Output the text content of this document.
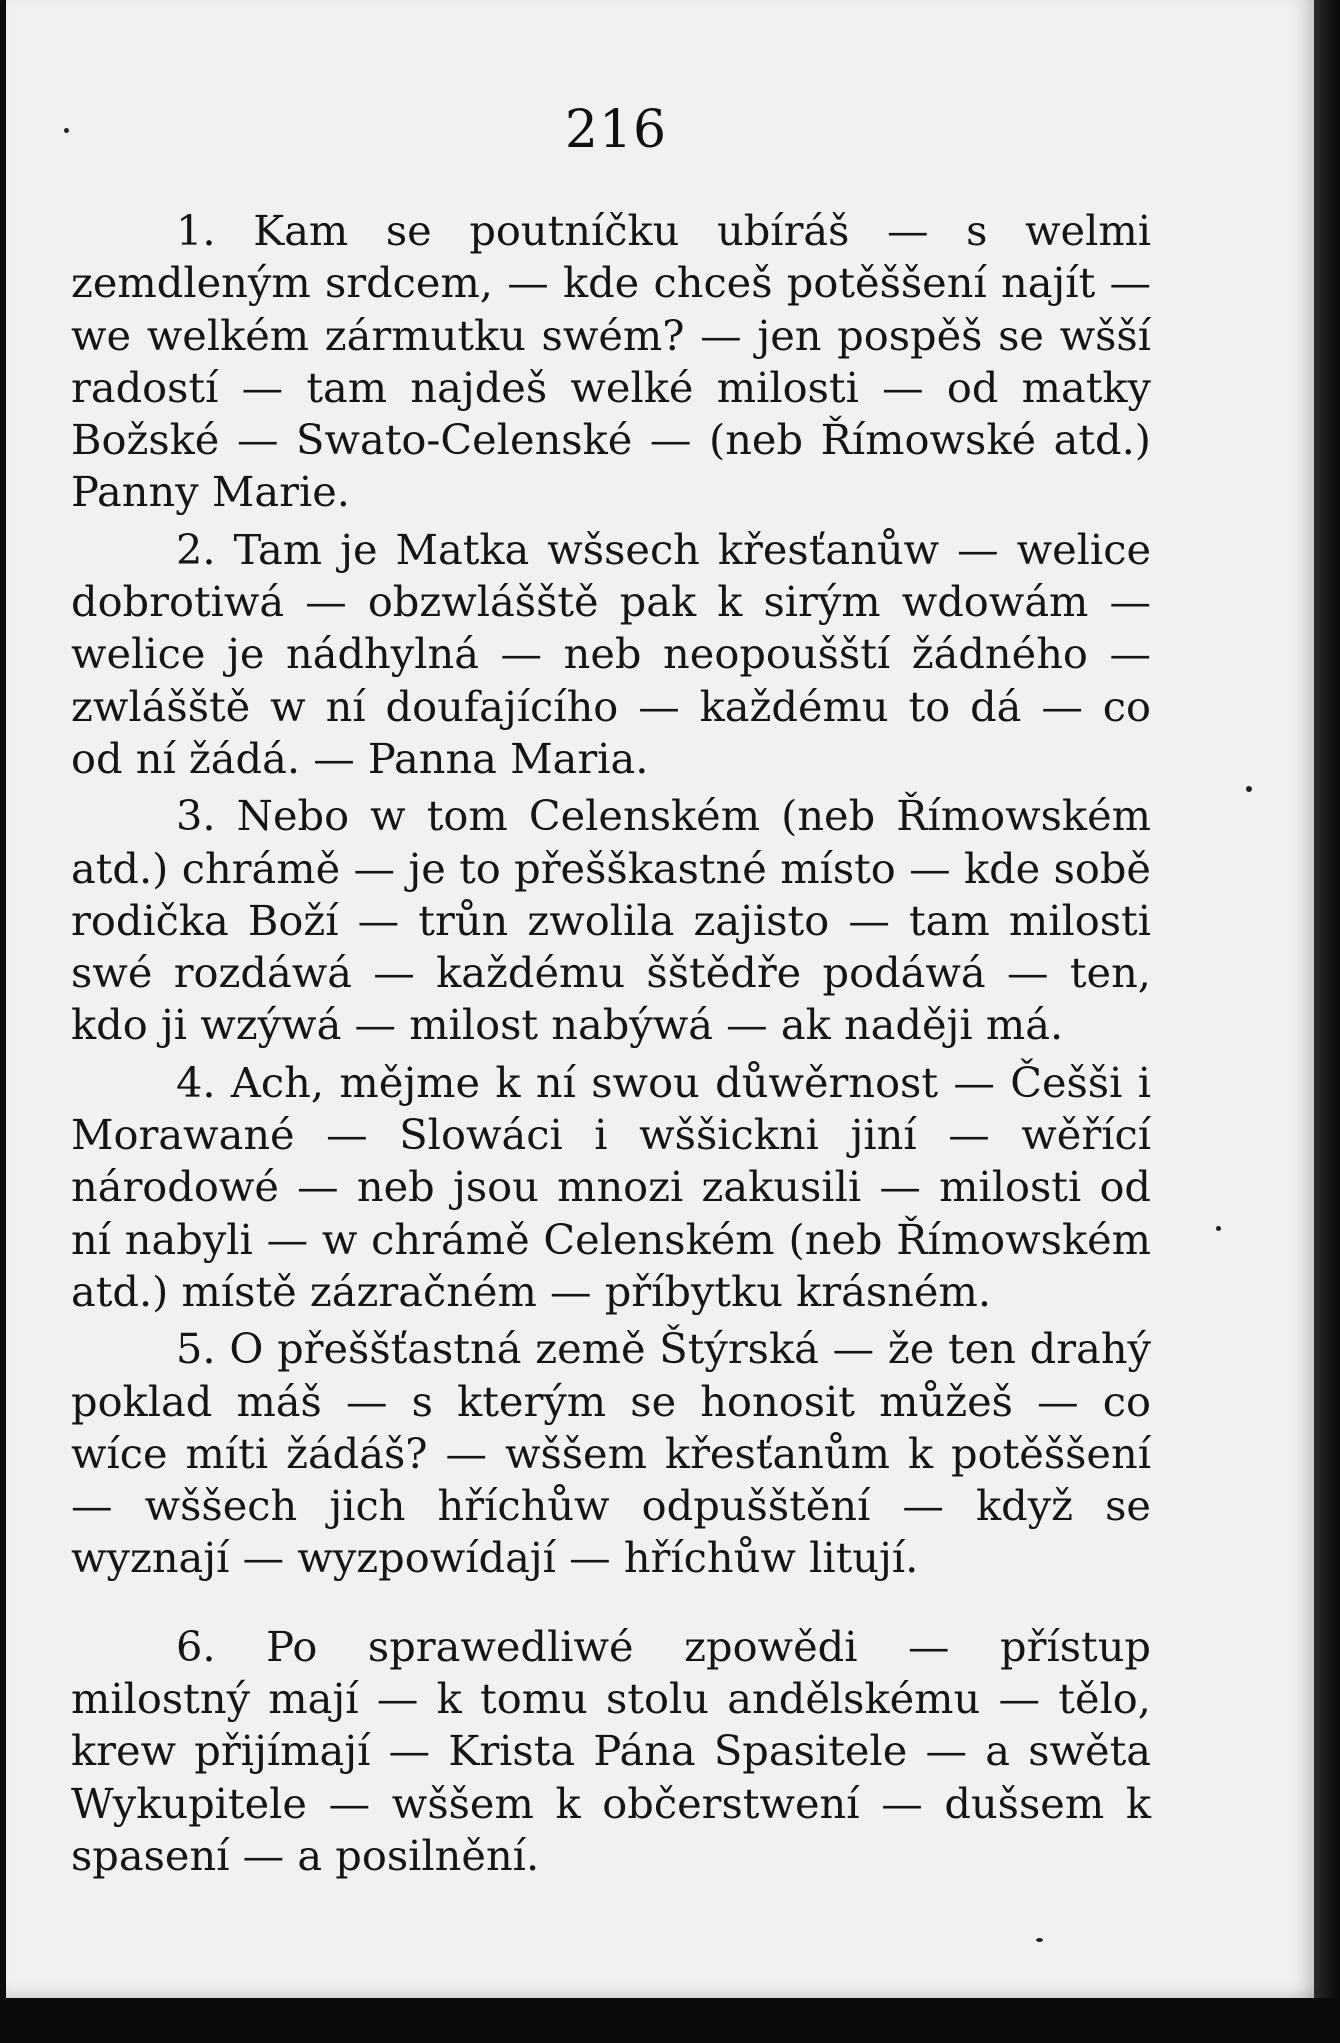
216

1. Kam se poutníčku ubíráš — s welmi zemdleným srdcem, — kde chceš potěššení najít — we welkém zármutku swém? — jen pospěš se wšší radostí — tam najdeš welké milosti — od matky Božské — Swato-Celenské — (neb Římowské atd.) Panny Marie.

2. Tam je Matka wšsech křesťanůw — welice dobrotiwá — obzwlášště pak k sirým wdowám — welice je nádhylná — neb neopoušští žádného — zwlášště w ní doufajícího — každému to dá — co od ní žádá. — Panna Maria.

3. Nebo w tom Celenském (neb Římowském atd.) chrámě — je to přešškastné místo — kde sobě rodička Boží — trůn zwolila zajisto — tam milosti swé rozdáwá — každému šštědře podáwá — ten, kdo ji wzýwá — milost nabýwá — ak naději má.

4. Ach, mějme k ní swou důwěrnost — Češši i Morawané — Slowáci i wššickni jiní — wěřící národowé — neb jsou mnozi zakusili — milosti od ní nabyli — w chrámě Celenském (neb Římowském atd.) místě zázračném — příbytku krásném.

5. O přeššťastná země Štýrská — že ten drahý poklad máš — s kterým se honosit můžeš — co wíce míti žádáš? — wššem křesťanům k potěššení — wššech jich hříchůw odpušštění — když se wyznají — wyzpowídají — hříchůw litují.

6. Po sprawedliwé zpowědi — přístup milostný mají — k tomu stolu andělskému — tělo, krew přijímají — Krista Pána Spasitele — a swěta Wykupitele — wššem k občerstwení — dušsem k spasení — a posilnění.
